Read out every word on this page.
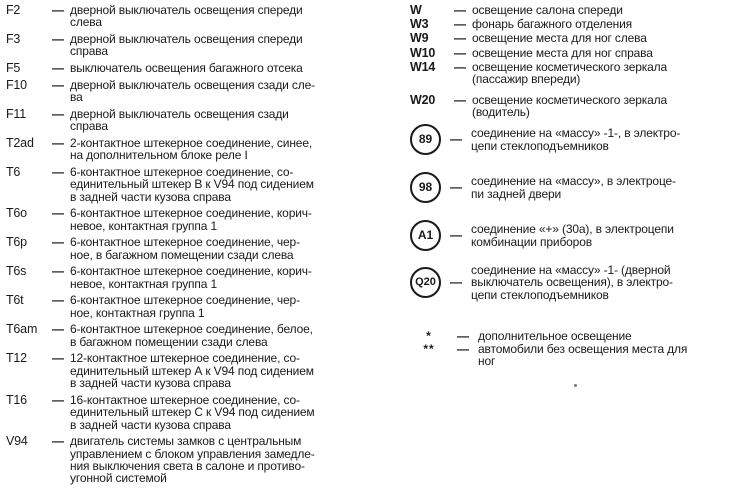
F2	— дверной выключатель освещения спереди
слева
F3	— дверной выключатель освещения спереди
справа
F5	— выключатель освещения багажного отсека
F10	— дверной выключатель освещения сзади сле-
ва
F11	— дверной выключатель освещения сзади
справа
T2ad	— 2-контактное штекерное соединение, синее,
на дополнительном блоке реле I
T6	— 6-контактное штекерное соединение, со-
единительный штекер В к V94 под сидением
в задней части кузова справа
T6o	— 6-контактное штекерное соединение, корич-
невое, контактная группа 1
T6p	— 6-контактное штекерное соединение, чер-
ное, в багажном помещении сзади слева
T6s	— 6-контактное штекерное соединение, корич-
невое, контактная группа 1
T6t	— 6-контактное штекерное соединение, чер-
ное, контактная группа 1
T6am	— 6-контактное штекерное соединение, белое,
в багажном помещении сзади слева
T12	— 12-контактное штекерное соединение, со-
единительный штекер А к V94 под сидением
в задней части кузова справа
T16	— 16-контактное штекерное соединение, со-
единительный штекер С к V94 под сидением
в задней части кузова справа
V94	— двигатель системы замков с центральным
управлением с блоком управления замедле-
ния выключения света в салоне и противо-
угонной системой
W	— освещение салона спереди
W3	— фонарь багажного отделения
W9	— освещение места для ног слева
W10	— освещение места для ног справа
W14	— освещение косметического зеркала
(пассажир впереди)
W20	— освещение косметического зеркала
(водитель)
89	— соединение на «массу» -1-, в электро-
цепи стеклоподъемников
98	— соединение на «массу», в электроце-
пи задней двери
A1	— соединение «+» (30а), в электроцепи
комбинации приборов
Q20	—
соединение на «массу» -1- (дверной
выключатель освещения), в электро-
цепи стеклоподъемников
*	— дополнительное освещение
**	— автомобили без освещения места для
ног
